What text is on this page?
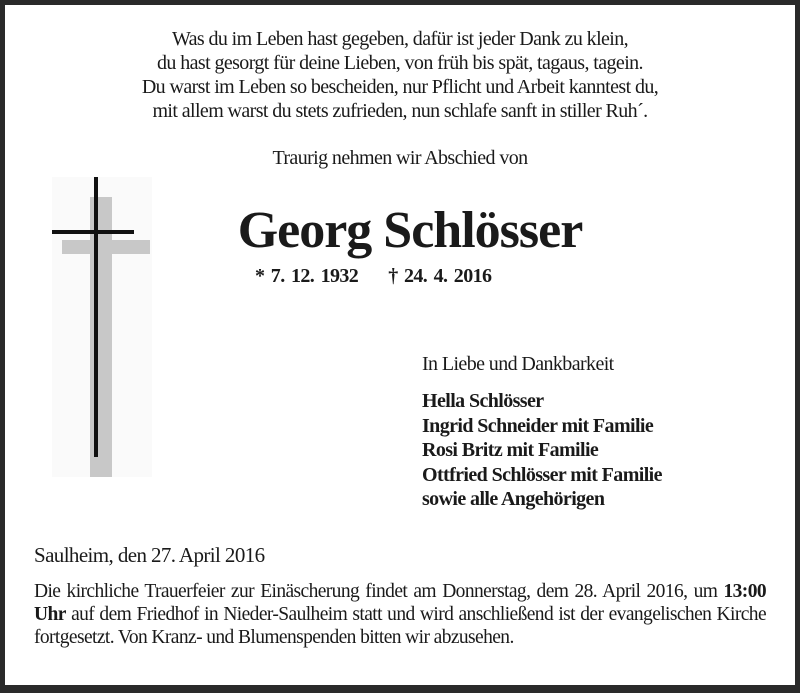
Was du im Leben hast gegeben, dafür ist jeder Dank zu klein,
du hast gesorgt für deine Lieben, von früh bis spät, tagaus, tagein.
Du warst im Leben so bescheiden, nur Pflicht und Arbeit kanntest du,
mit allem warst du stets zufrieden, nun schlafe sanft in stiller Ruh´.
Traurig nehmen wir Abschied von
Georg Schlösser
* 7. 12. 1932 † 24. 4. 2016
In Liebe und Dankbarkeit
Hella Schlösser
Ingrid Schneider mit Familie
Rosi Britz mit Familie
Ottfried Schlösser mit Familie
sowie alle Angehörigen
Saulheim, den 27. April 2016
Die kirchliche Trauerfeier zur Einäscherung findet am Donnerstag, dem 28. April 2016, um 13:00 Uhr auf dem Friedhof in Nieder-Saulheim statt und wird anschließend ist der evangelischen Kirche fortgesetzt. Von Kranz- und Blumenspenden bitten wir abzusehen.
